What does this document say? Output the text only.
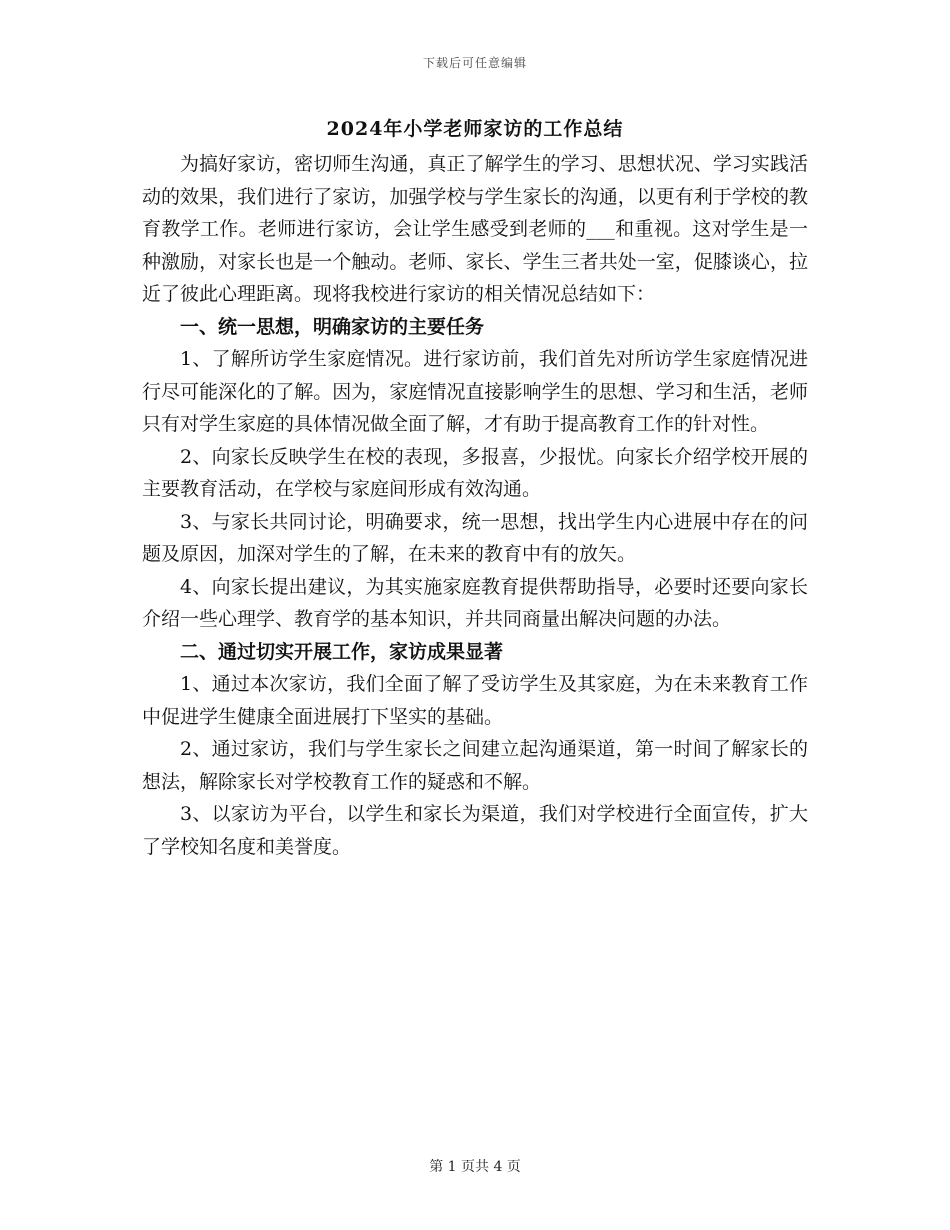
下载后可任意编辑
2024年小学老师家访的工作总结

为搞好家访，密切师生沟通，真正了解学生的学习、思想状况、学习实践活动的效果，我们进行了家访，加强学校与学生家长的沟通，以更有利于学校的教育教学工作。老师进行家访，会让学生感受到老师的___和重视。这对学生是一种激励，对家长也是一个触动。老师、家长、学生三者共处一室，促膝谈心，拉近了彼此心理距离。现将我校进行家访的相关情况总结如下：

一、统一思想，明确家访的主要任务

1、了解所访学生家庭情况。进行家访前，我们首先对所访学生家庭情况进行尽可能深化的了解。因为，家庭情况直接影响学生的思想、学习和生活，老师只有对学生家庭的具体情况做全面了解，才有助于提高教育工作的针对性。

2、向家长反映学生在校的表现，多报喜，少报忧。向家长介绍学校开展的主要教育活动，在学校与家庭间形成有效沟通。

3、与家长共同讨论，明确要求，统一思想，找出学生内心进展中存在的问题及原因，加深对学生的了解，在未来的教育中有的放矢。

4、向家长提出建议，为其实施家庭教育提供帮助指导，必要时还要向家长介绍一些心理学、教育学的基本知识，并共同商量出解决问题的办法。

二、通过切实开展工作，家访成果显著

1、通过本次家访，我们全面了解了受访学生及其家庭，为在未来教育工作中促进学生健康全面进展打下坚实的基础。

2、通过家访，我们与学生家长之间建立起沟通渠道，第一时间了解家长的想法，解除家长对学校教育工作的疑惑和不解。

3、以家访为平台，以学生和家长为渠道，我们对学校进行全面宣传，扩大了学校知名度和美誉度。

第 1 页共 4 页
